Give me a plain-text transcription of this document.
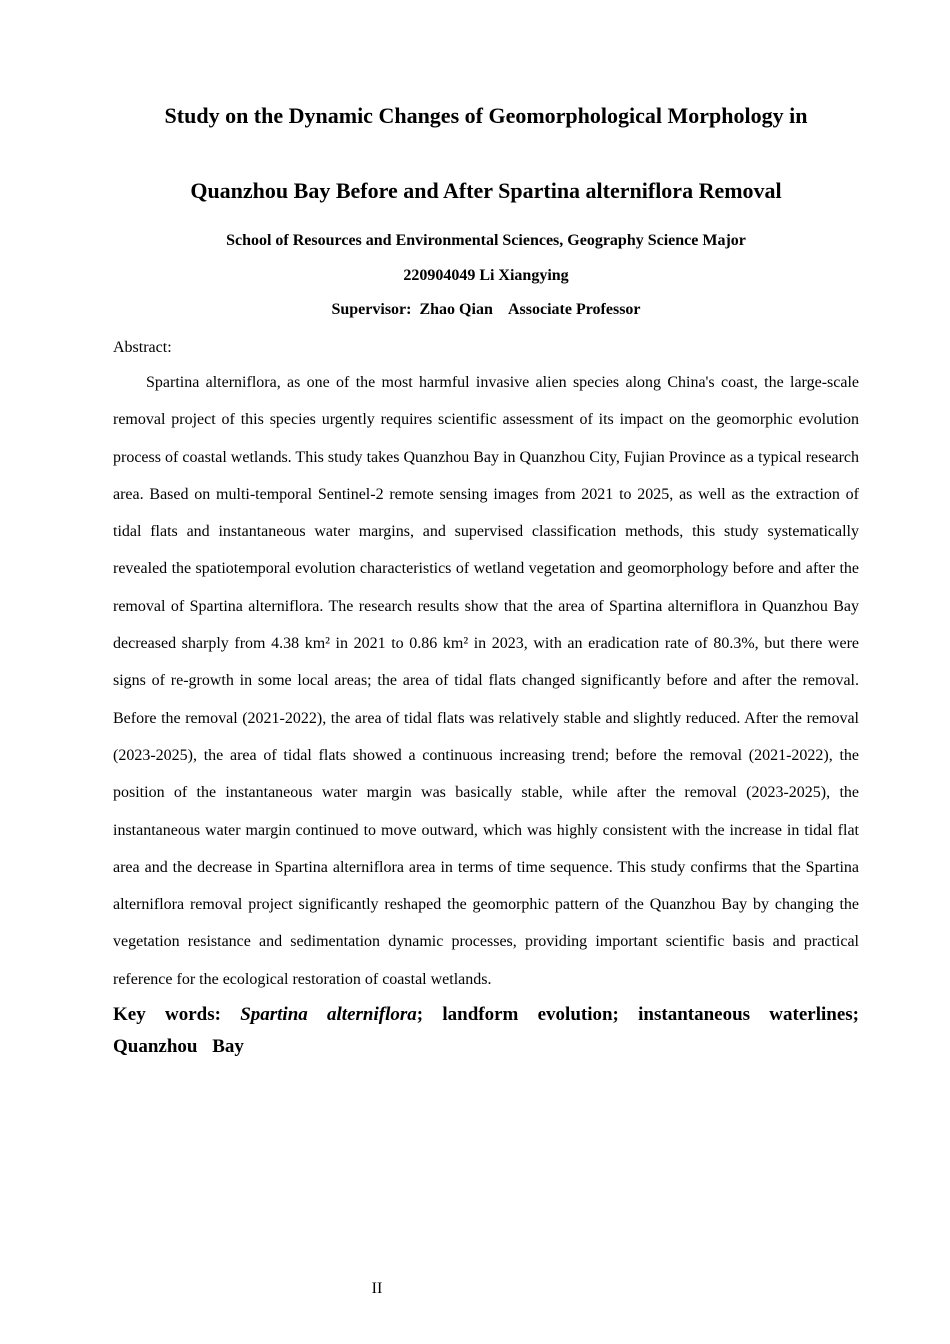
Study on the Dynamic Changes of Geomorphological Morphology in
Quanzhou Bay Before and After Spartina alterniflora Removal

School of Resources and Environmental Sciences, Geography Science Major

220904049 Li Xiangying

Supervisor:  Zhao Qian    Associate Professor

Abstract:

Spartina alterniflora, as one of the most harmful invasive alien species along China's coast, the large-scale removal project of this species urgently requires scientific assessment of its impact on the geomorphic evolution process of coastal wetlands. This study takes Quanzhou Bay in Quanzhou City, Fujian Province as a typical research area. Based on multi-temporal Sentinel-2 remote sensing images from 2021 to 2025, as well as the extraction of tidal flats and instantaneous water margins, and supervised classification methods, this study systematically revealed the spatiotemporal evolution characteristics of wetland vegetation and geomorphology before and after the removal of Spartina alterniflora. The research results show that the area of Spartina alterniflora in Quanzhou Bay decreased sharply from 4.38 km² in 2021 to 0.86 km² in 2023, with an eradication rate of 80.3%, but there were signs of re-growth in some local areas; the area of tidal flats changed significantly before and after the removal. Before the removal (2021-2022), the area of tidal flats was relatively stable and slightly reduced. After the removal (2023-2025), the area of tidal flats showed a continuous increasing trend; before the removal (2021-2022), the position of the instantaneous water margin was basically stable, while after the removal (2023-2025), the instantaneous water margin continued to move outward, which was highly consistent with the increase in tidal flat area and the decrease in Spartina alterniflora area in terms of time sequence. This study confirms that the Spartina alterniflora removal project significantly reshaped the geomorphic pattern of the Quanzhou Bay by changing the vegetation resistance and sedimentation dynamic processes, providing important scientific basis and practical reference for the ecological restoration of coastal wetlands.

Key words: Spartina alterniflora; landform evolution; instantaneous waterlines; Quanzhou Bay

II
